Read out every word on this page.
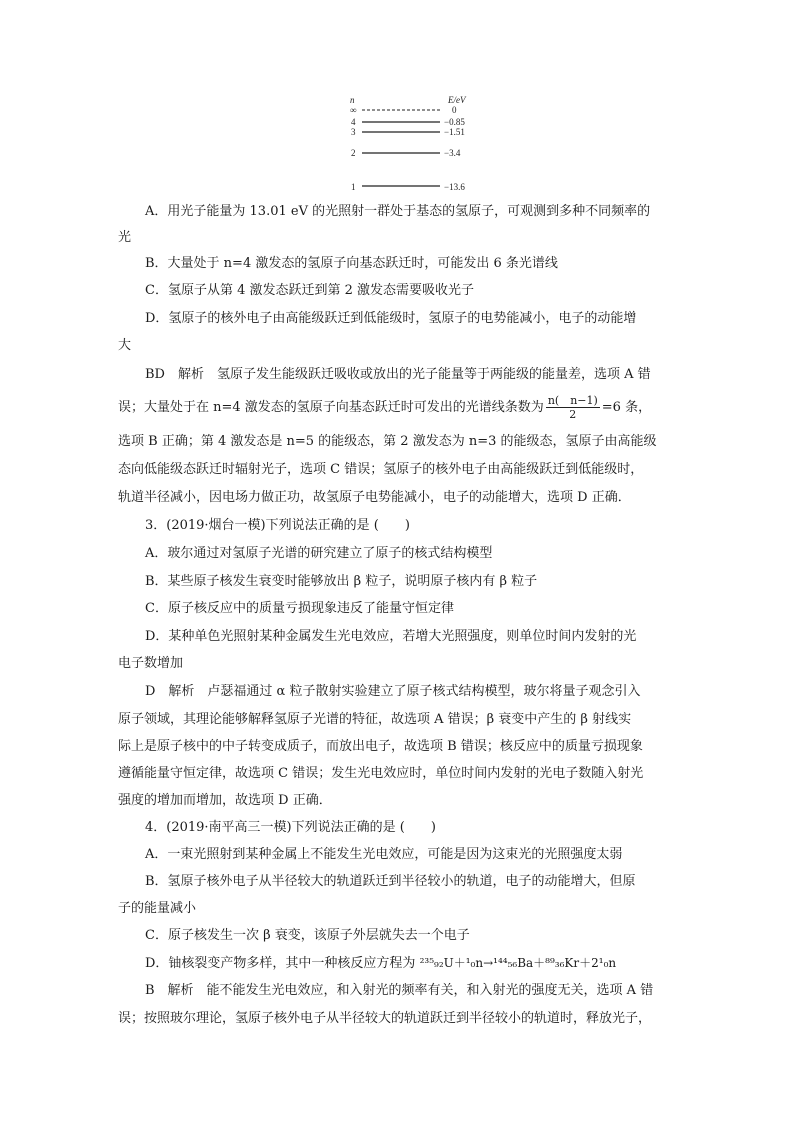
n	E/eV
∞	0
4	−0.85
3	−1.51
2	−3.4
1	−13.6
A．用光子能量为 13.01 eV 的光照射一群处于基态的氢原子，可观测到多种不同频率的
光
B．大量处于 n=4 激发态的氢原子向基态跃迁时，可能发出 6 条光谱线
C．氢原子从第 4 激发态跃迁到第 2 激发态需要吸收光子
D．氢原子的核外电子由高能级跃迁到低能级时，氢原子的电势能减小，电子的动能增
大
BD　解析　氢原子发生能级跃迁吸收或放出的光子能量等于两能级的能量差，选项 A 错
误；大量处于在 n=4 激发态的氢原子向基态跃迁时可发出的光谱线条数为 $\frac{n( n-1)}{2} =6$ 条，
选项 B 正确；第 4 激发态是 n=5 的能级态，第 2 激发态为 n=3 的能级态，氢原子由高能级
态向低能级态跃迁时辐射光子，选项 C 错误；氢原子的核外电子由高能级跃迁到低能级时，
轨道半径减小，因电场力做正功，故氢原子电势能减小，电子的动能增大，选项 D 正确．
3．(2019·烟台一模)下列说法正确的是 (　　)
A．玻尔通过对氢原子光谱的研究建立了原子的核式结构模型
B．某些原子核发生衰变时能够放出 β 粒子，说明原子核内有 β 粒子
C．原子核反应中的质量亏损现象违反了能量守恒定律
D．某种单色光照射某种金属发生光电效应，若增大光照强度，则单位时间内发射的光
电子数增加
D　解析　卢瑟福通过 α 粒子散射实验建立了原子核式结构模型，玻尔将量子观念引入
原子领域，其理论能够解释氢原子光谱的特征，故选项 A 错误；β 衰变中产生的 β 射线实
际上是原子核中的中子转变成质子，而放出电子，故选项 B 错误；核反应中的质量亏损现象
遵循能量守恒定律，故选项 C 错误；发生光电效应时，单位时间内发射的光电子数随入射光
强度的增加而增加，故选项 D 正确．
4．(2019·南平高三一模)下列说法正确的是 (　　)
A．一束光照射到某种金属上不能发生光电效应，可能是因为这束光的光照强度太弱
B．氢原子核外电子从半径较大的轨道跃迁到半径较小的轨道，电子的动能增大，但原
子的能量减小
C．原子核发生一次 β 衰变，该原子外层就失去一个电子
D．铀核裂变产物多样，其中一种核反应方程为 ²³⁵₉₂U＋¹₀n→¹⁴⁴₅₆Ba＋⁸⁹₃₆Kr＋2¹₀n
B　解析　能不能发生光电效应，和入射光的频率有关，和入射光的强度无关，选项 A 错
误；按照玻尔理论，氢原子核外电子从半径较大的轨道跃迁到半径较小的轨道时，释放光子，
